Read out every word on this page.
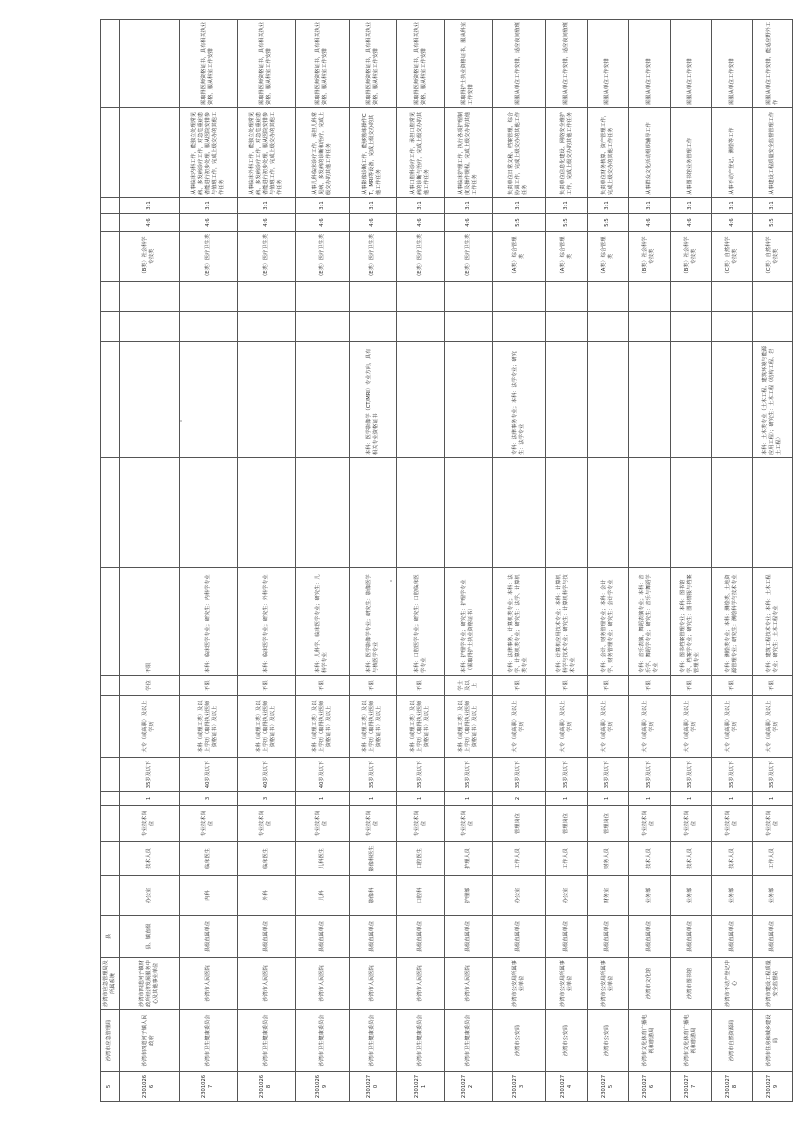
5	沙湾市应急管理局	沙湾市应急管理局及所属系统	县																	
23010266	沙湾市四道河子镇人民政府	沙湾市四道河子镇财政所经济发展服务中心及其他事业单位	县、镇直级	办公室	技术人员	专业技术岗位	1	35岁及以下	大专（或高职）及以上学历	学位	不限					（B类）社会科学专技类	4:6	3:1		
23010267	沙湾市卫生健康委员会	沙湾市人民医院	县级直属单位	内科	临床医生	专业技术岗位	3	40岁及以下	本科（或理工类）及以上学历（取得执业医师资格证书）及以上	不限	本科：临床医学专业；研究生：内科学专业					（E类）医疗卫生类	4:6	3:1	从事临床内科工作，能独立处理常见病、多发病诊疗工作，对急危重症患者能进行初步处理，服从医院安排参与值班工作，完成上级交办的其他工作任务	需取得医师资格证书，具有相关执业资格，服从科室工作安排
23010268	沙湾市卫生健康委员会	沙湾市人民医院	县级直属单位	外科	临床医生	专业技术岗位	3	40岁及以下	本科（或理工类）及以上学历（取得执业医师资格证书）及以上	不限	本科：临床医学专业；研究生：外科学专业					（E类）医疗卫生类	4:6	3:1	从事临床外科工作，能独立处理常见病、多发病诊疗工作，对急危重症患者能进行初步处理，服从医院安排参与值班工作，完成上级交办的其他工作任务	需取得医师资格证书，具有相关执业资格，服从科室工作安排
23010269	沙湾市卫生健康委员会	沙湾市人民医院	县级直属单位	儿科	儿科医生	专业技术岗位	1	40岁及以下	本科（或理工类）及以上学历（取得执业医师资格证书）及以上	不限	本科：儿科学、临床医学专业；研究生：儿科学专业					（E类）医疗卫生类	4:6	3:1	从事儿科临床诊疗工作，承担儿科常见病、多发病的诊断和治疗，完成上级交办的其他工作任务	需取得医师资格证书，具有相关执业资格，服从科室工作安排
23010270	沙湾市卫生健康委员会	沙湾市人民医院	县级直属单位	影像科	影像科医生	专业技术岗位	1	35岁及以下	本科（或理工类）及以上学历（取得执业医师资格证书）及以上	不限	本科：医学影像学专业；研究生：影像医学与核医学专业		本科：医学影像学（CT/MRI）专业方向，具有相关专业资格证书			（E类）医疗卫生类	4:6	3:1	从事影像诊断工作，能够熟练操作CT、MRI等设备，完成上级交办的其他工作任务	需取得医师资格证书，具有相关执业资格，服从科室工作安排
23010271	沙湾市卫生健康委员会	沙湾市人民医院	县级直属单位	口腔科	口腔医生	专业技术岗位	1	35岁及以下	本科（或理工类）及以上学历（取得执业医师资格证书）及以上	不限	本科：口腔医学专业；研究生：口腔临床医学专业					（E类）医疗卫生类	4:6	3:1	从事口腔科诊疗工作，承担口腔常见病的诊断与治疗，完成上级交办的其他工作任务	需取得医师资格证书，具有相关执业资格，服从科室工作安排
23010272	沙湾市卫生健康委员会	沙湾市人民医院	县级直属单位	护理部	护理人员	专业技术岗位	1	35岁及以下	本科（或理工类）及以上学历（取得执业医师资格证书）及以上	学士及以上	本科：护理学专业；研究生：护理学专业（需取得护士执业资格证书）					（E类）医疗卫生类	4:6	3:1	从事临床护理工作，执行各项护理制度及操作规程，完成上级交办的其他工作任务	需取得护士执业资格证书，服从科室工作安排
23010273	沙湾市公安局	沙湾市公安局所属事业单位	县级直属单位	办公室	工作人员	管理岗位	2	35岁及以下	大专（或高职）及以上学历	不限	专科：法律事务、计算机类专业；本科：法学、计算机类专业；研究生：法学、计算机类专业		专科：法律事务专业；本科：法学专业；研究生：法学专业			（A类）综合管理类	5:5	3:1	负责单位日常文秘、档案管理、综合协调工作，完成上级交办的其他工作任务	需服从单位工作安排，适应夜间值班
23010274	沙湾市公安局	沙湾市公安局所属事业单位	县级直属单位	办公室	工作人员	管理岗位	1	35岁及以下	大专（或高职）及以上学历	不限	专科：计算机应用技术专业；本科：计算机科学与技术专业；研究生：计算机科学与技术专业					（A类）综合管理类	5:5	3:1	负责单位信息化建设、网络安全维护工作，完成上级交办的其他工作任务	需服从单位工作安排，适应夜间值班
23010275	沙湾市公安局	沙湾市公安局所属事业单位	县级直属单位	财务室	财务人员	管理岗位	1	35岁及以下	大专（或高职）及以上学历	不限	专科：会计、财务管理专业；本科：会计学、财务管理专业；研究生：会计学专业					（A类）综合管理类	5:5	3:1	负责单位财务核算、资产管理工作，完成上级交办的其他工作任务	需服从单位工作安排
23010276	沙湾市文化体育广播电视和旅游局	沙湾市文化馆	县级直属单位	业务部	技术人员	专业技术岗位	1	35岁及以下	大专（或高职）及以上学历	不限	专科：音乐表演、舞蹈表演专业；本科：音乐学、舞蹈学专业；研究生：音乐与舞蹈学专业					（B类）社会科学专技类	4:6	3:1	从事群众文化活动组织辅导工作	需服从单位工作安排
23010277	沙湾市文化体育广播电视和旅游局	沙湾市图书馆	县级直属单位	业务部	技术人员	专业技术岗位	1	35岁及以下	大专（或高职）及以上学历	不限	专科：图书档案管理专业；本科：图书馆学、档案学专业；研究生：图书情报与档案管理专业					（B类）社会科学专技类	4:6	3:1	从事图书馆业务管理工作	需服从单位工作安排
23010278	沙湾市自然资源局	沙湾市不动产登记中心	县级直属单位	业务部	技术人员	专业技术岗位	1	35岁及以下	大专（或高职）及以上学历	不限	专科：测绘类专业；本科：测绘类、土地资源管理专业；研究生：测绘科学与技术专业					（C类）自然科学专技类	4:6	3:1	从事不动产登记、测绘等工作	需服从单位工作安排
23010279	沙湾市住房和城乡建设局	沙湾市建设工程质量安全监督站	县级直属单位	业务部	工作人员	专业技术岗位	1	35岁及以下	大专（或高职）及以上学历	不限	专科：建筑工程技术专业；本科：土木工程专业；研究生：土木工程专业		本科：土木类专业（土木工程、建筑环境与能源应用工程）；研究生：土木工程（结构工程、岩土工程）			（C类）自然科学专技类	5:5	3:1	从事建设工程质量安全监督管理工作	需服从单位工作安排，能适应野外工作
